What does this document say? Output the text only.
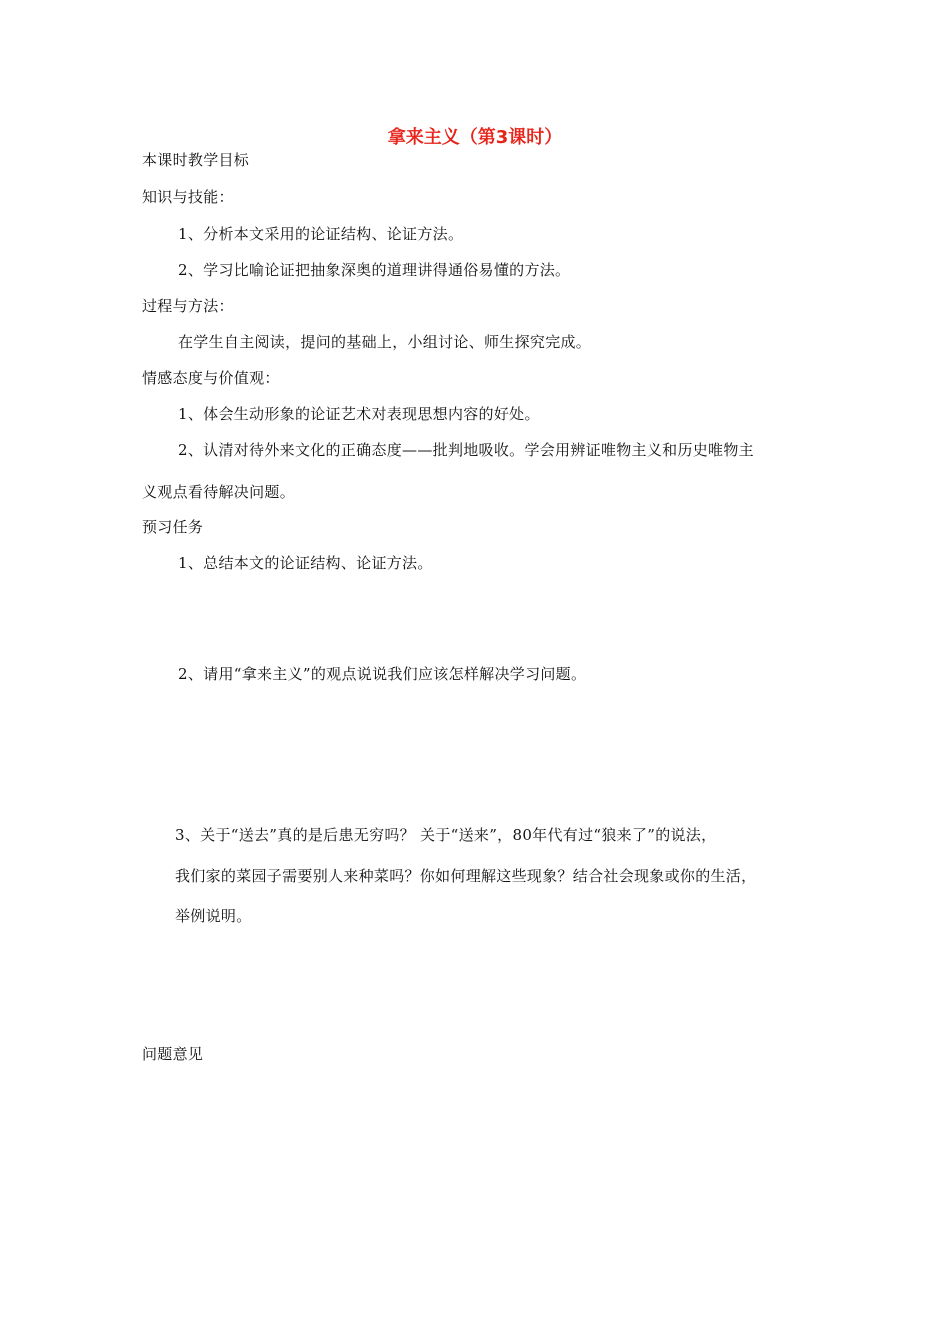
拿来主义（第3课时）
本课时教学目标
知识与技能：
1、分析本文采用的论证结构、论证方法。
2、学习比喻论证把抽象深奥的道理讲得通俗易懂的方法。
过程与方法：
在学生自主阅读，提问的基础上，小组讨论、师生探究完成。
情感态度与价值观：
1、体会生动形象的论证艺术对表现思想内容的好处。
2、认清对待外来文化的正确态度——批判地吸收。学会用辨证唯物主义和历史唯物主
义观点看待解决问题。
预习任务
1、总结本文的论证结构、论证方法。
2、请用“拿来主义”的观点说说我们应该怎样解决学习问题。
3、关于“送去”真的是后患无穷吗？ 关于“送来”，80年代有过“狼来了”的说法，
我们家的菜园子需要别人来种菜吗？你如何理解这些现象？结合社会现象或你的生活，
举例说明。
问题意见
